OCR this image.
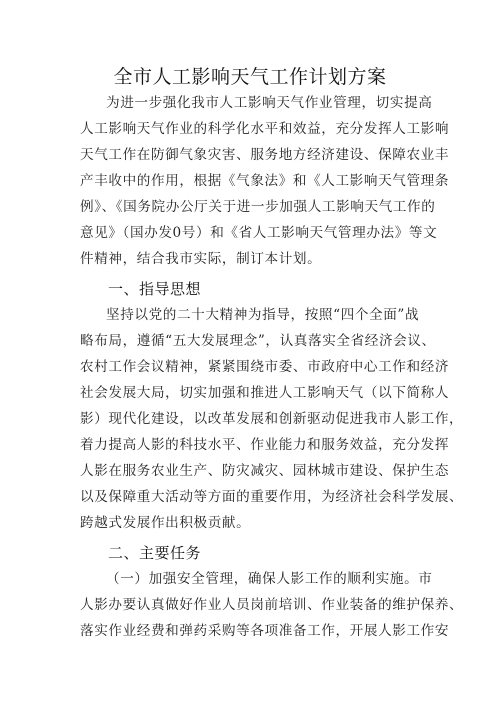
全市人工影响天气工作计划方案
为进一步强化我市人工影响天气作业管理，切实提高
人工影响天气作业的科学化水平和效益，充分发挥人工影响
天气工作在防御气象灾害、服务地方经济建设、保障农业丰
产丰收中的作用，根据《气象法》和《人工影响天气管理条
例》、《国务院办公厅关于进一步加强人工影响天气工作的
意见》（国办发0号）和《省人工影响天气管理办法》等文
件精神，结合我市实际，制订本计划。
一、指导思想
坚持以党的二十大精神为指导，按照“四个全面”战
略布局，遵循“五大发展理念”，认真落实全省经济会议、
农村工作会议精神，紧紧围绕市委、市政府中心工作和经济
社会发展大局，切实加强和推进人工影响天气（以下简称人
影）现代化建设，以改革发展和创新驱动促进我市人影工作，
着力提高人影的科技水平、作业能力和服务效益，充分发挥
人影在服务农业生产、防灾减灾、园林城市建设、保护生态
以及保障重大活动等方面的重要作用，为经济社会科学发展、
跨越式发展作出积极贡献。
二、主要任务
（一）加强安全管理，确保人影工作的顺利实施。市
人影办要认真做好作业人员岗前培训、作业装备的维护保养、
落实作业经费和弹药采购等各项准备工作，开展人影工作安
